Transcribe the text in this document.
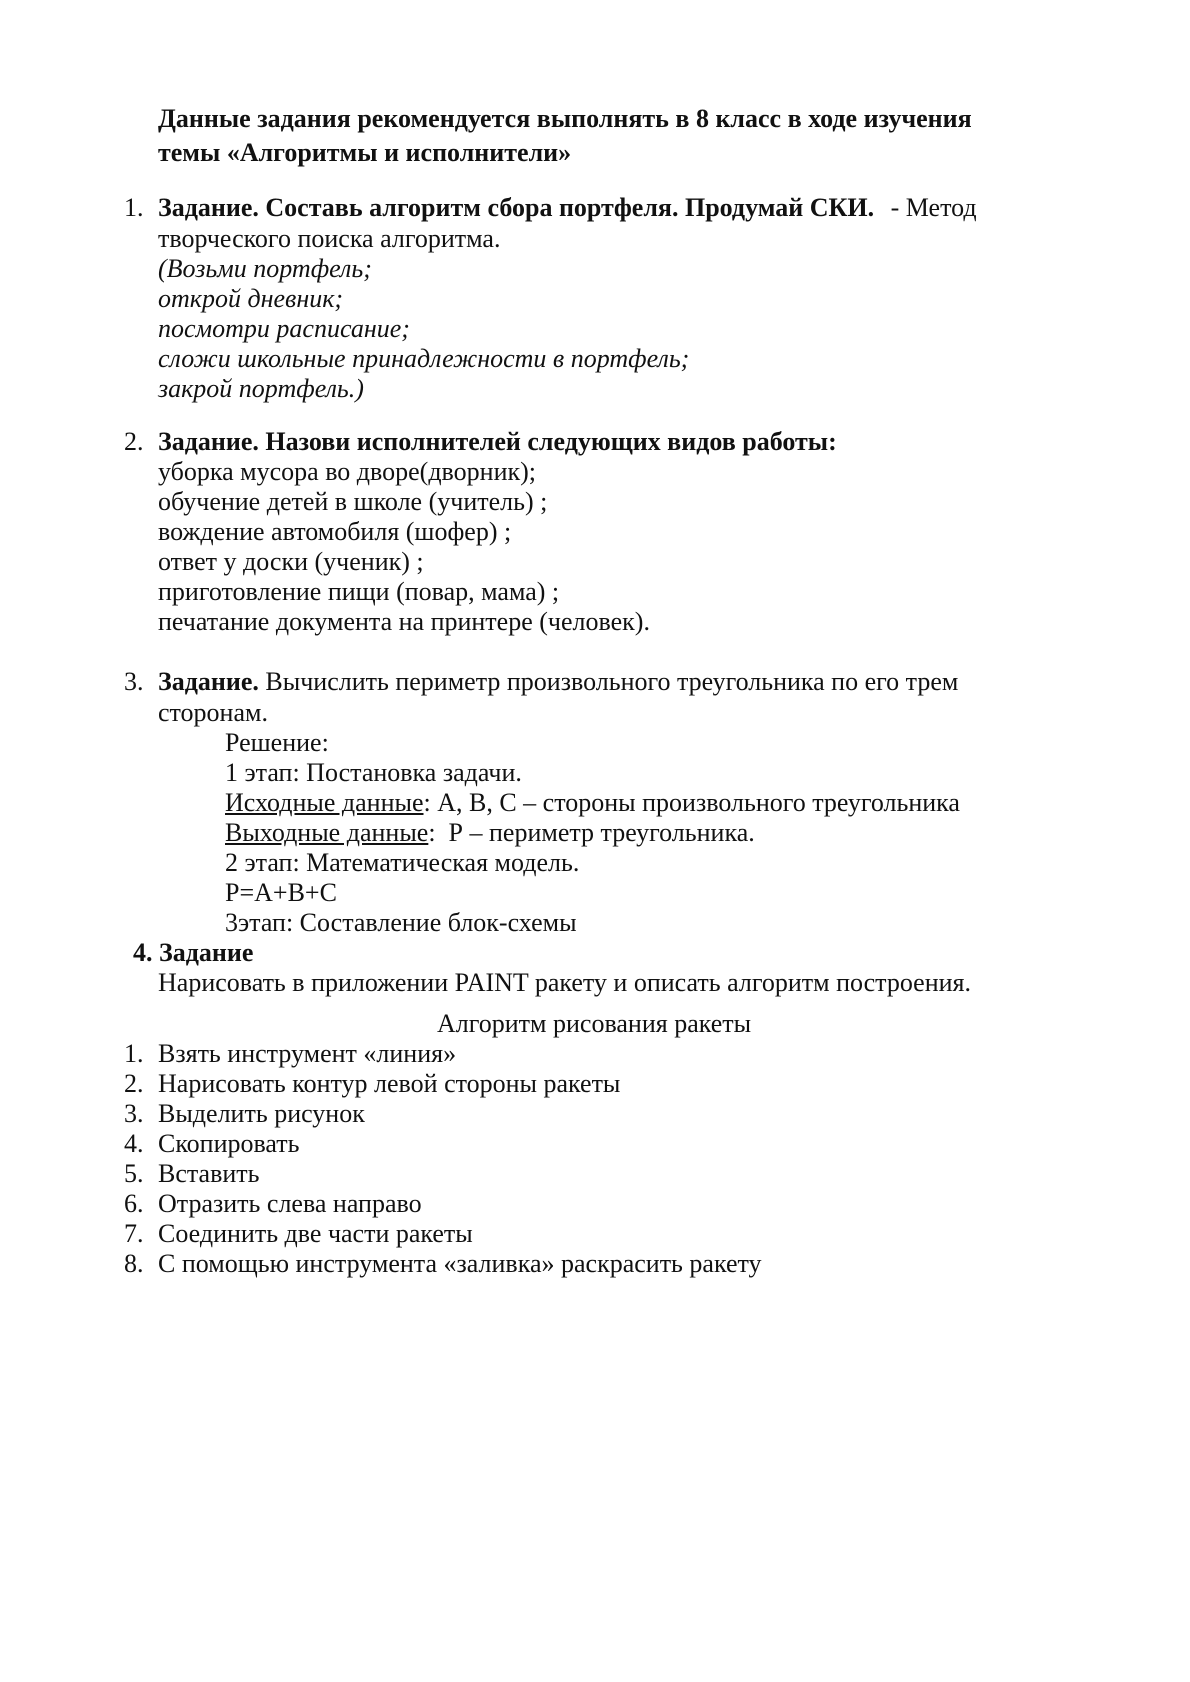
Данные задания рекомендуется выполнять в 8 класс в ходе изучения
темы «Алгоритмы и исполнители»
1. Задание. Составь алгоритм сбора портфеля. Продумай СКИ. - Метод
творческого поиска алгоритма.
(Возьми портфель;
открой дневник;
посмотри расписание;
сложи школьные принадлежности в портфель;
закрой портфель.)
2. Задание. Назови исполнителей следующих видов работы:
уборка мусора во дворе(дворник);
обучение детей в школе (учитель) ;
вождение автомобиля (шофер) ;
ответ у доски (ученик) ;
приготовление пищи (повар, мама) ;
печатание документа на принтере (человек).
3. Задание. Вычислить периметр произвольного треугольника по его трем
сторонам.
Решение:
1 этап: Постановка задачи.
Исходные данные: А, В, С – стороны произвольного треугольника
Выходные данные:  Р – периметр треугольника.
2 этап: Математическая модель.
Р=А+В+С
3этап: Составление блок-схемы
4. Задание
Нарисовать в приложении PAINT ракету и описать алгоритм построения.
Алгоритм рисования ракеты
1. Взять инструмент «линия»
2. Нарисовать контур левой стороны ракеты
3. Выделить рисунок
4. Скопировать
5. Вставить
6. Отразить слева направо
7. Соединить две части ракеты
8. С помощью инструмента «заливка» раскрасить ракету
